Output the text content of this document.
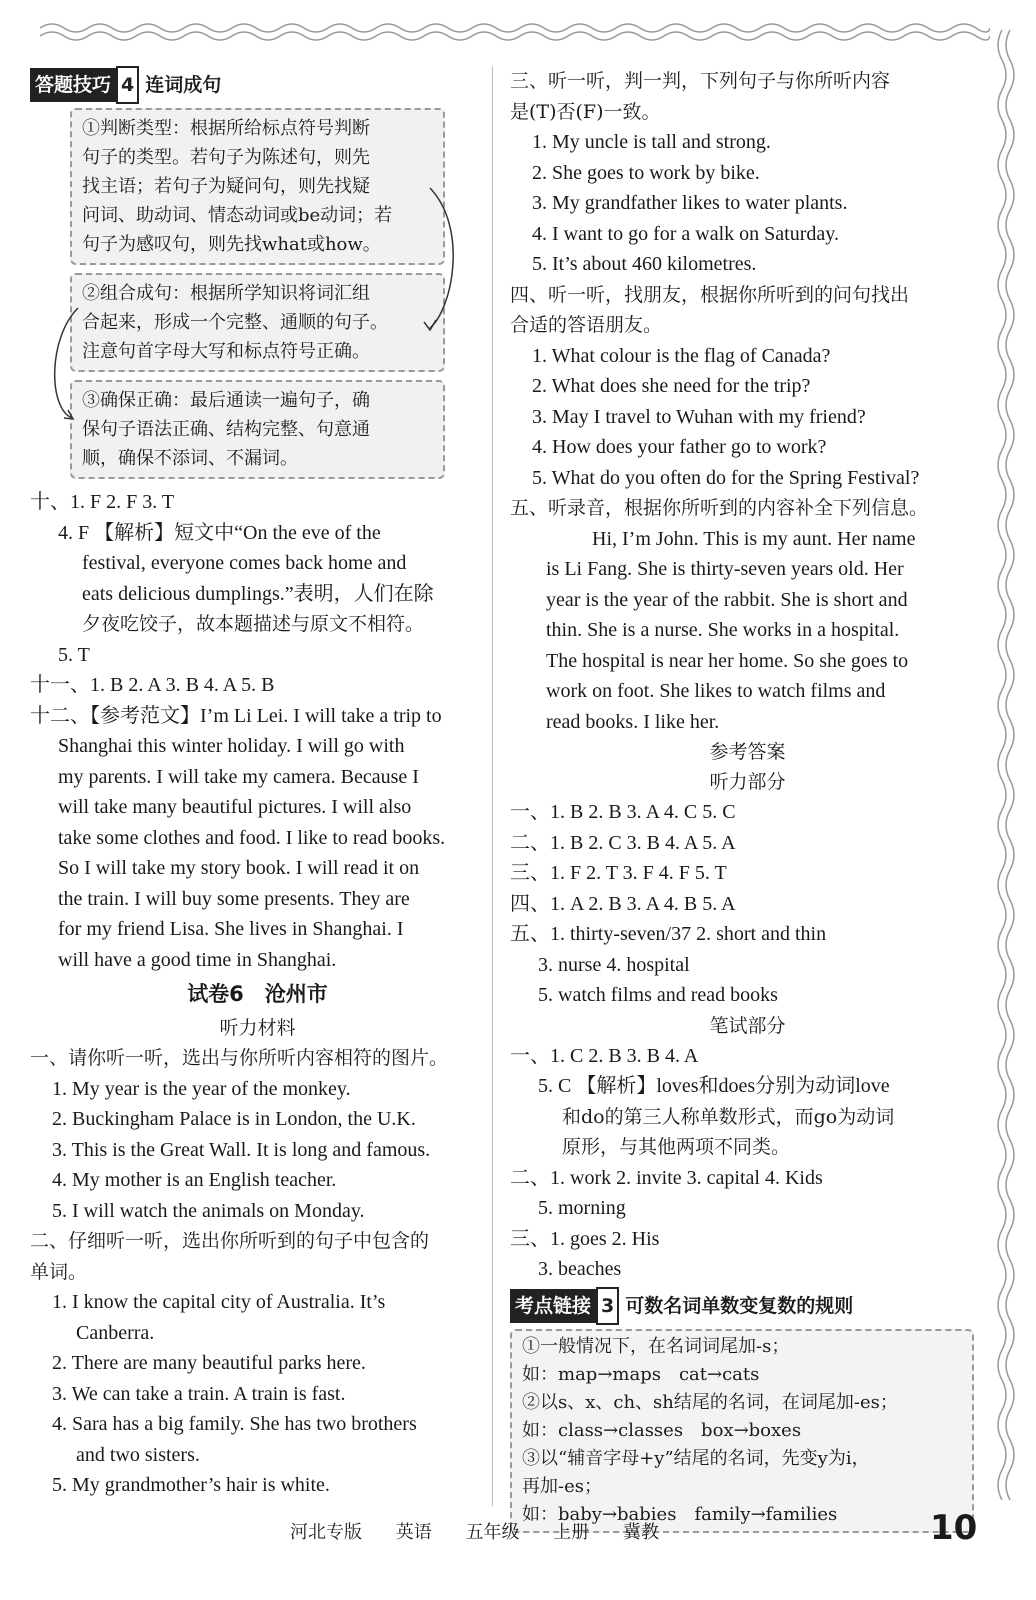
答题技巧 4 连词成句
①判断类型：根据所给标点符号判断
句子的类型。若句子为陈述句，则先
找主语；若句子为疑问句，则先找疑
问词、助动词、情态动词或be动词；若
句子为感叹句，则先找what或how。
②组合成句：根据所学知识将词汇组
合起来，形成一个完整、通顺的句子。
注意句首字母大写和标点符号正确。
③确保正确：最后通读一遍句子，确
保句子语法正确、结构完整、句意通
顺，确保不添词、不漏词。
十、1. F 2. F 3. T
4. F 【解析】短文中“On the eve of the
festival, everyone comes back home and
eats delicious dumplings.”表明，人们在除
夕夜吃饺子，故本题描述与原文不相符。
5. T
十一、1. B 2. A 3. B 4. A 5. B
十二、【参考范文】I’m Li Lei. I will take a trip to
Shanghai this winter holiday. I will go with
my parents. I will take my camera. Because I
will take many beautiful pictures. I will also
take some clothes and food. I like to read books.
So I will take my story book. I will read it on
the train. I will buy some presents. They are
for my friend Lisa. She lives in Shanghai. I
will have a good time in Shanghai.
试卷6　沧州市
听力材料
一、请你听一听，选出与你所听内容相符的图片。
1. My year is the year of the monkey.
2. Buckingham Palace is in London, the U.K.
3. This is the Great Wall. It is long and famous.
4. My mother is an English teacher.
5. I will watch the animals on Monday.
二、仔细听一听，选出你所听到的句子中包含的
单词。
1. I know the capital city of Australia. It’s
Canberra.
2. There are many beautiful parks here.
3. We can take a train. A train is fast.
4. Sara has a big family. She has two brothers
and two sisters.
5. My grandmother’s hair is white.
三、听一听，判一判，下列句子与你所听内容
是(T)否(F)一致。
1. My uncle is tall and strong.
2. She goes to work by bike.
3. My grandfather likes to water plants.
4. I want to go for a walk on Saturday.
5. It’s about 460 kilometres.
四、听一听，找朋友，根据你所听到的问句找出
合适的答语朋友。
1. What colour is the flag of Canada?
2. What does she need for the trip?
3. May I travel to Wuhan with my friend?
4. How does your father go to work?
5. What do you often do for the Spring Festival?
五、听录音，根据你所听到的内容补全下列信息。
Hi, I’m John. This is my aunt. Her name
is Li Fang. She is thirty-seven years old. Her
year is the year of the rabbit. She is short and
thin. She is a nurse. She works in a hospital.
The hospital is near her home. So she goes to
work on foot. She likes to watch films and
read books. I like her.
参考答案
听力部分
一、1. B 2. B 3. A 4. C 5. C
二、1. B 2. C 3. B 4. A 5. A
三、1. F 2. T 3. F 4. F 5. T
四、1. A 2. B 3. A 4. B 5. A
五、1. thirty-seven/37 2. short and thin
3. nurse 4. hospital
5. watch films and read books
笔试部分
一、1. C 2. B 3. B 4. A
5. C 【解析】loves和does分别为动词love
和do的第三人称单数形式，而go为动词
原形，与其他两项不同类。
二、1. work 2. invite 3. capital 4. Kids
5. morning
三、1. goes 2. His
3. beaches
考点链接 3 可数名词单数变复数的规则
①一般情况下，在名词词尾加-s；
如：map→maps　cat→cats
②以s、x、ch、sh结尾的名词，在词尾加-es；
如：class→classes　box→boxes
③以“辅音字母+y”结尾的名词，先变y为i，
再加-es；
如：baby→babies　family→families
河北专版 英语 五年级 上册 冀教	10
